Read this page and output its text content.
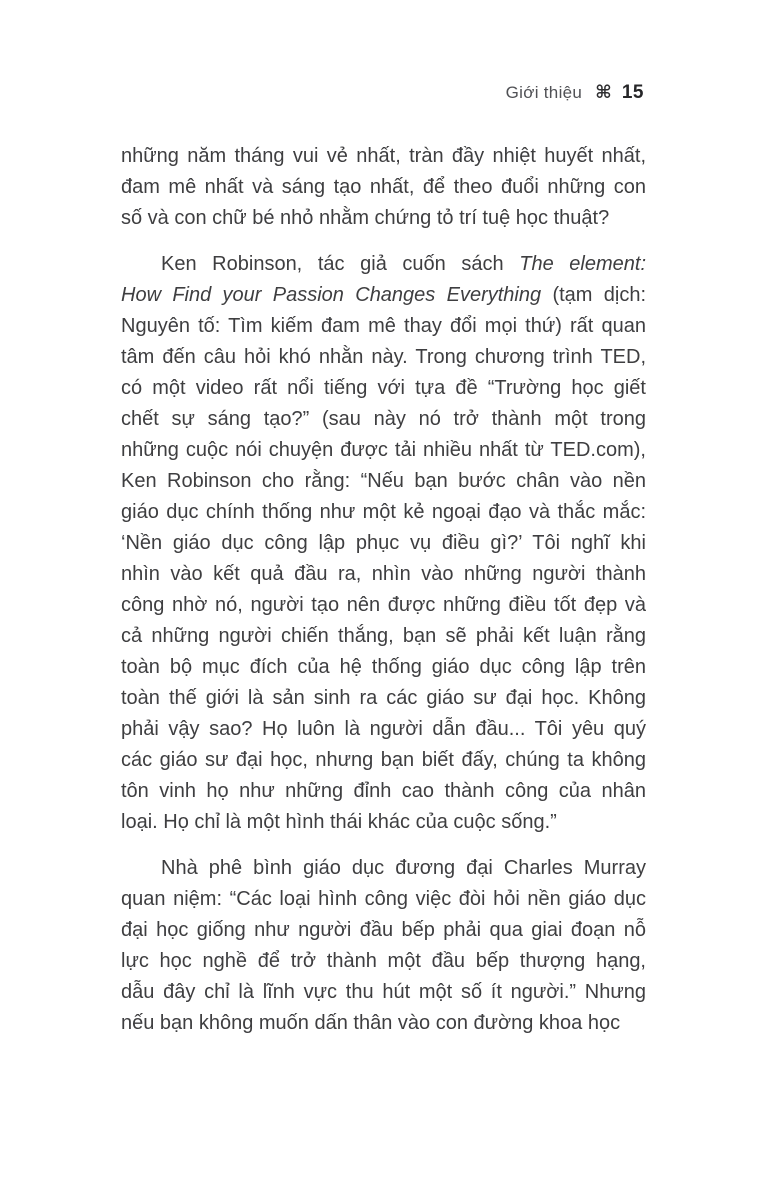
Giới thiệu ⌘ 15
những năm tháng vui vẻ nhất, tràn đầy nhiệt huyết nhất,
đam mê nhất và sáng tạo nhất, để theo đuổi những con
số và con chữ bé nhỏ nhằm chứng tỏ trí tuệ học thuật?
Ken Robinson, tác giả cuốn sách The element:
How Find your Passion Changes Everything (tạm dịch:
Nguyên tố: Tìm kiếm đam mê thay đổi mọi thứ) rất quan
tâm đến câu hỏi khó nhằn này. Trong chương trình TED,
có một video rất nổi tiếng với tựa đề “Trường học giết
chết sự sáng tạo?” (sau này nó trở thành một trong
những cuộc nói chuyện được tải nhiều nhất từ TED.com),
Ken Robinson cho rằng: “Nếu bạn bước chân vào nền
giáo dục chính thống như một kẻ ngoại đạo và thắc mắc:
‘Nền giáo dục công lập phục vụ điều gì?’ Tôi nghĩ khi
nhìn vào kết quả đầu ra, nhìn vào những người thành
công nhờ nó, người tạo nên được những điều tốt đẹp và
cả những người chiến thắng, bạn sẽ phải kết luận rằng
toàn bộ mục đích của hệ thống giáo dục công lập trên
toàn thế giới là sản sinh ra các giáo sư đại học. Không
phải vậy sao? Họ luôn là người dẫn đầu... Tôi yêu quý
các giáo sư đại học, nhưng bạn biết đấy, chúng ta không
tôn vinh họ như những đỉnh cao thành công của nhân
loại. Họ chỉ là một hình thái khác của cuộc sống.”
Nhà phê bình giáo dục đương đại Charles Murray
quan niệm: “Các loại hình công việc đòi hỏi nền giáo dục
đại học giống như người đầu bếp phải qua giai đoạn nỗ
lực học nghề để trở thành một đầu bếp thượng hạng,
dẫu đây chỉ là lĩnh vực thu hút một số ít người.” Nhưng
nếu bạn không muốn dấn thân vào con đường khoa học
